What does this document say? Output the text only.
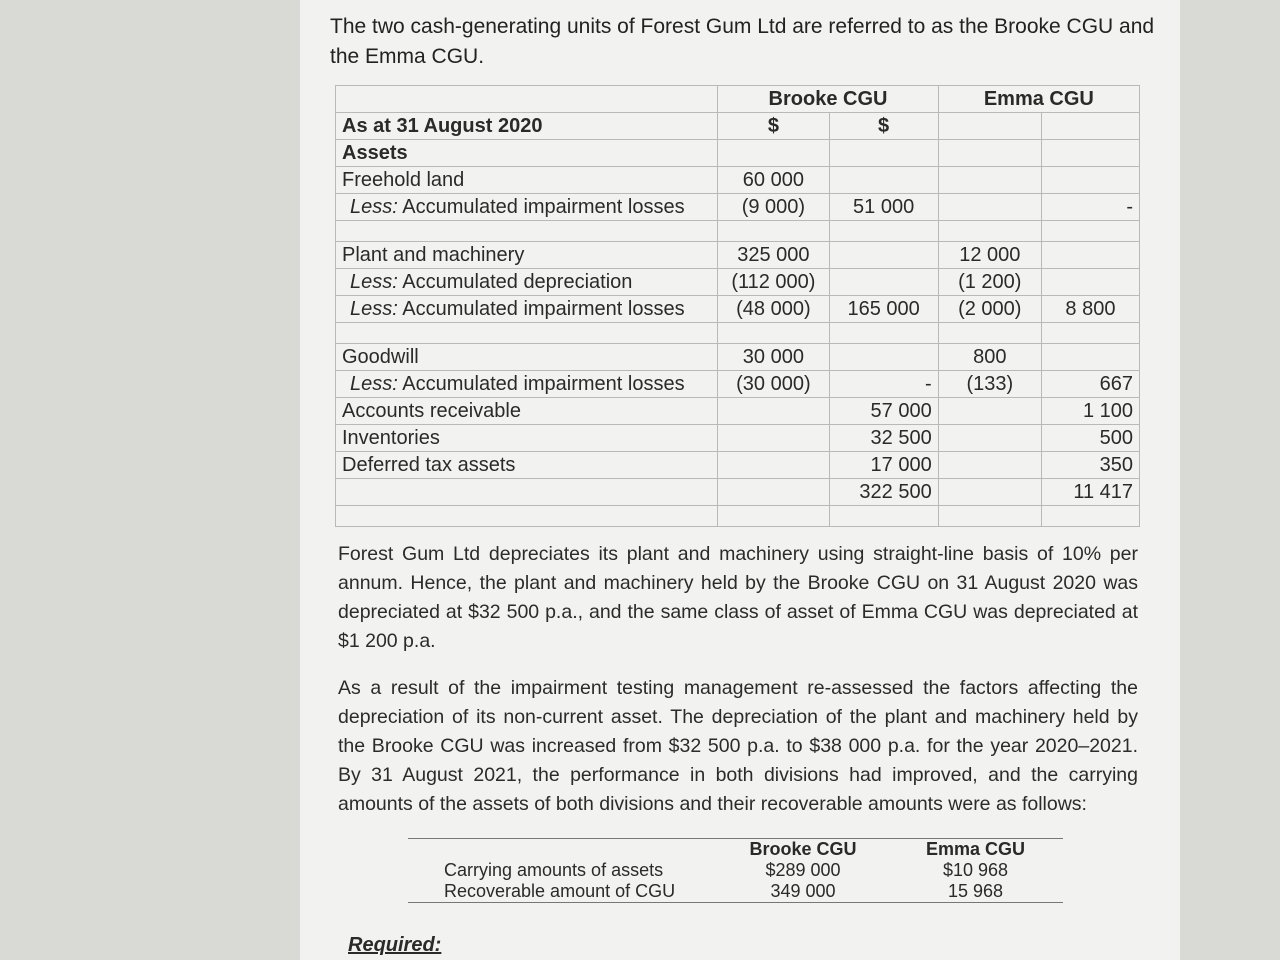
The two cash-generating units of Forest Gum Ltd are referred to as the Brooke CGU and the Emma CGU.
	Brooke CGU		Emma CGU	
As at 31 August 2020	$	$		
Assets				
Freehold land	60 000			
Less: Accumulated impairment losses	(9 000)	51 000		-

Plant and machinery	325 000		12 000	
Less: Accumulated depreciation	(112 000)		(1 200)	
Less: Accumulated impairment losses	(48 000)	165 000	(2 000)	8 800

Goodwill	30 000		800	
Less: Accumulated impairment losses	(30 000)	-	(133)	667
Accounts receivable		57 000		1 100
Inventories		32 500		500
Deferred tax assets		17 000		350
		322 500		11 417

Forest Gum Ltd depreciates its plant and machinery using straight-line basis of 10% per annum. Hence, the plant and machinery held by the Brooke CGU on 31 August 2020 was depreciated at $32 500 p.a., and the same class of asset of Emma CGU was depreciated at $1 200 p.a.
As a result of the impairment testing management re-assessed the factors affecting the depreciation of its non-current asset. The depreciation of the plant and machinery held by the Brooke CGU was increased from $32 500 p.a. to $38 000 p.a. for the year 2020–2021. By 31 August 2021, the performance in both divisions had improved, and the carrying amounts of the assets of both divisions and their recoverable amounts were as follows:
	Brooke CGU	Emma CGU
Carrying amounts of assets	$289 000	$10 968
Recoverable amount of CGU	349 000	15 968
Required:
